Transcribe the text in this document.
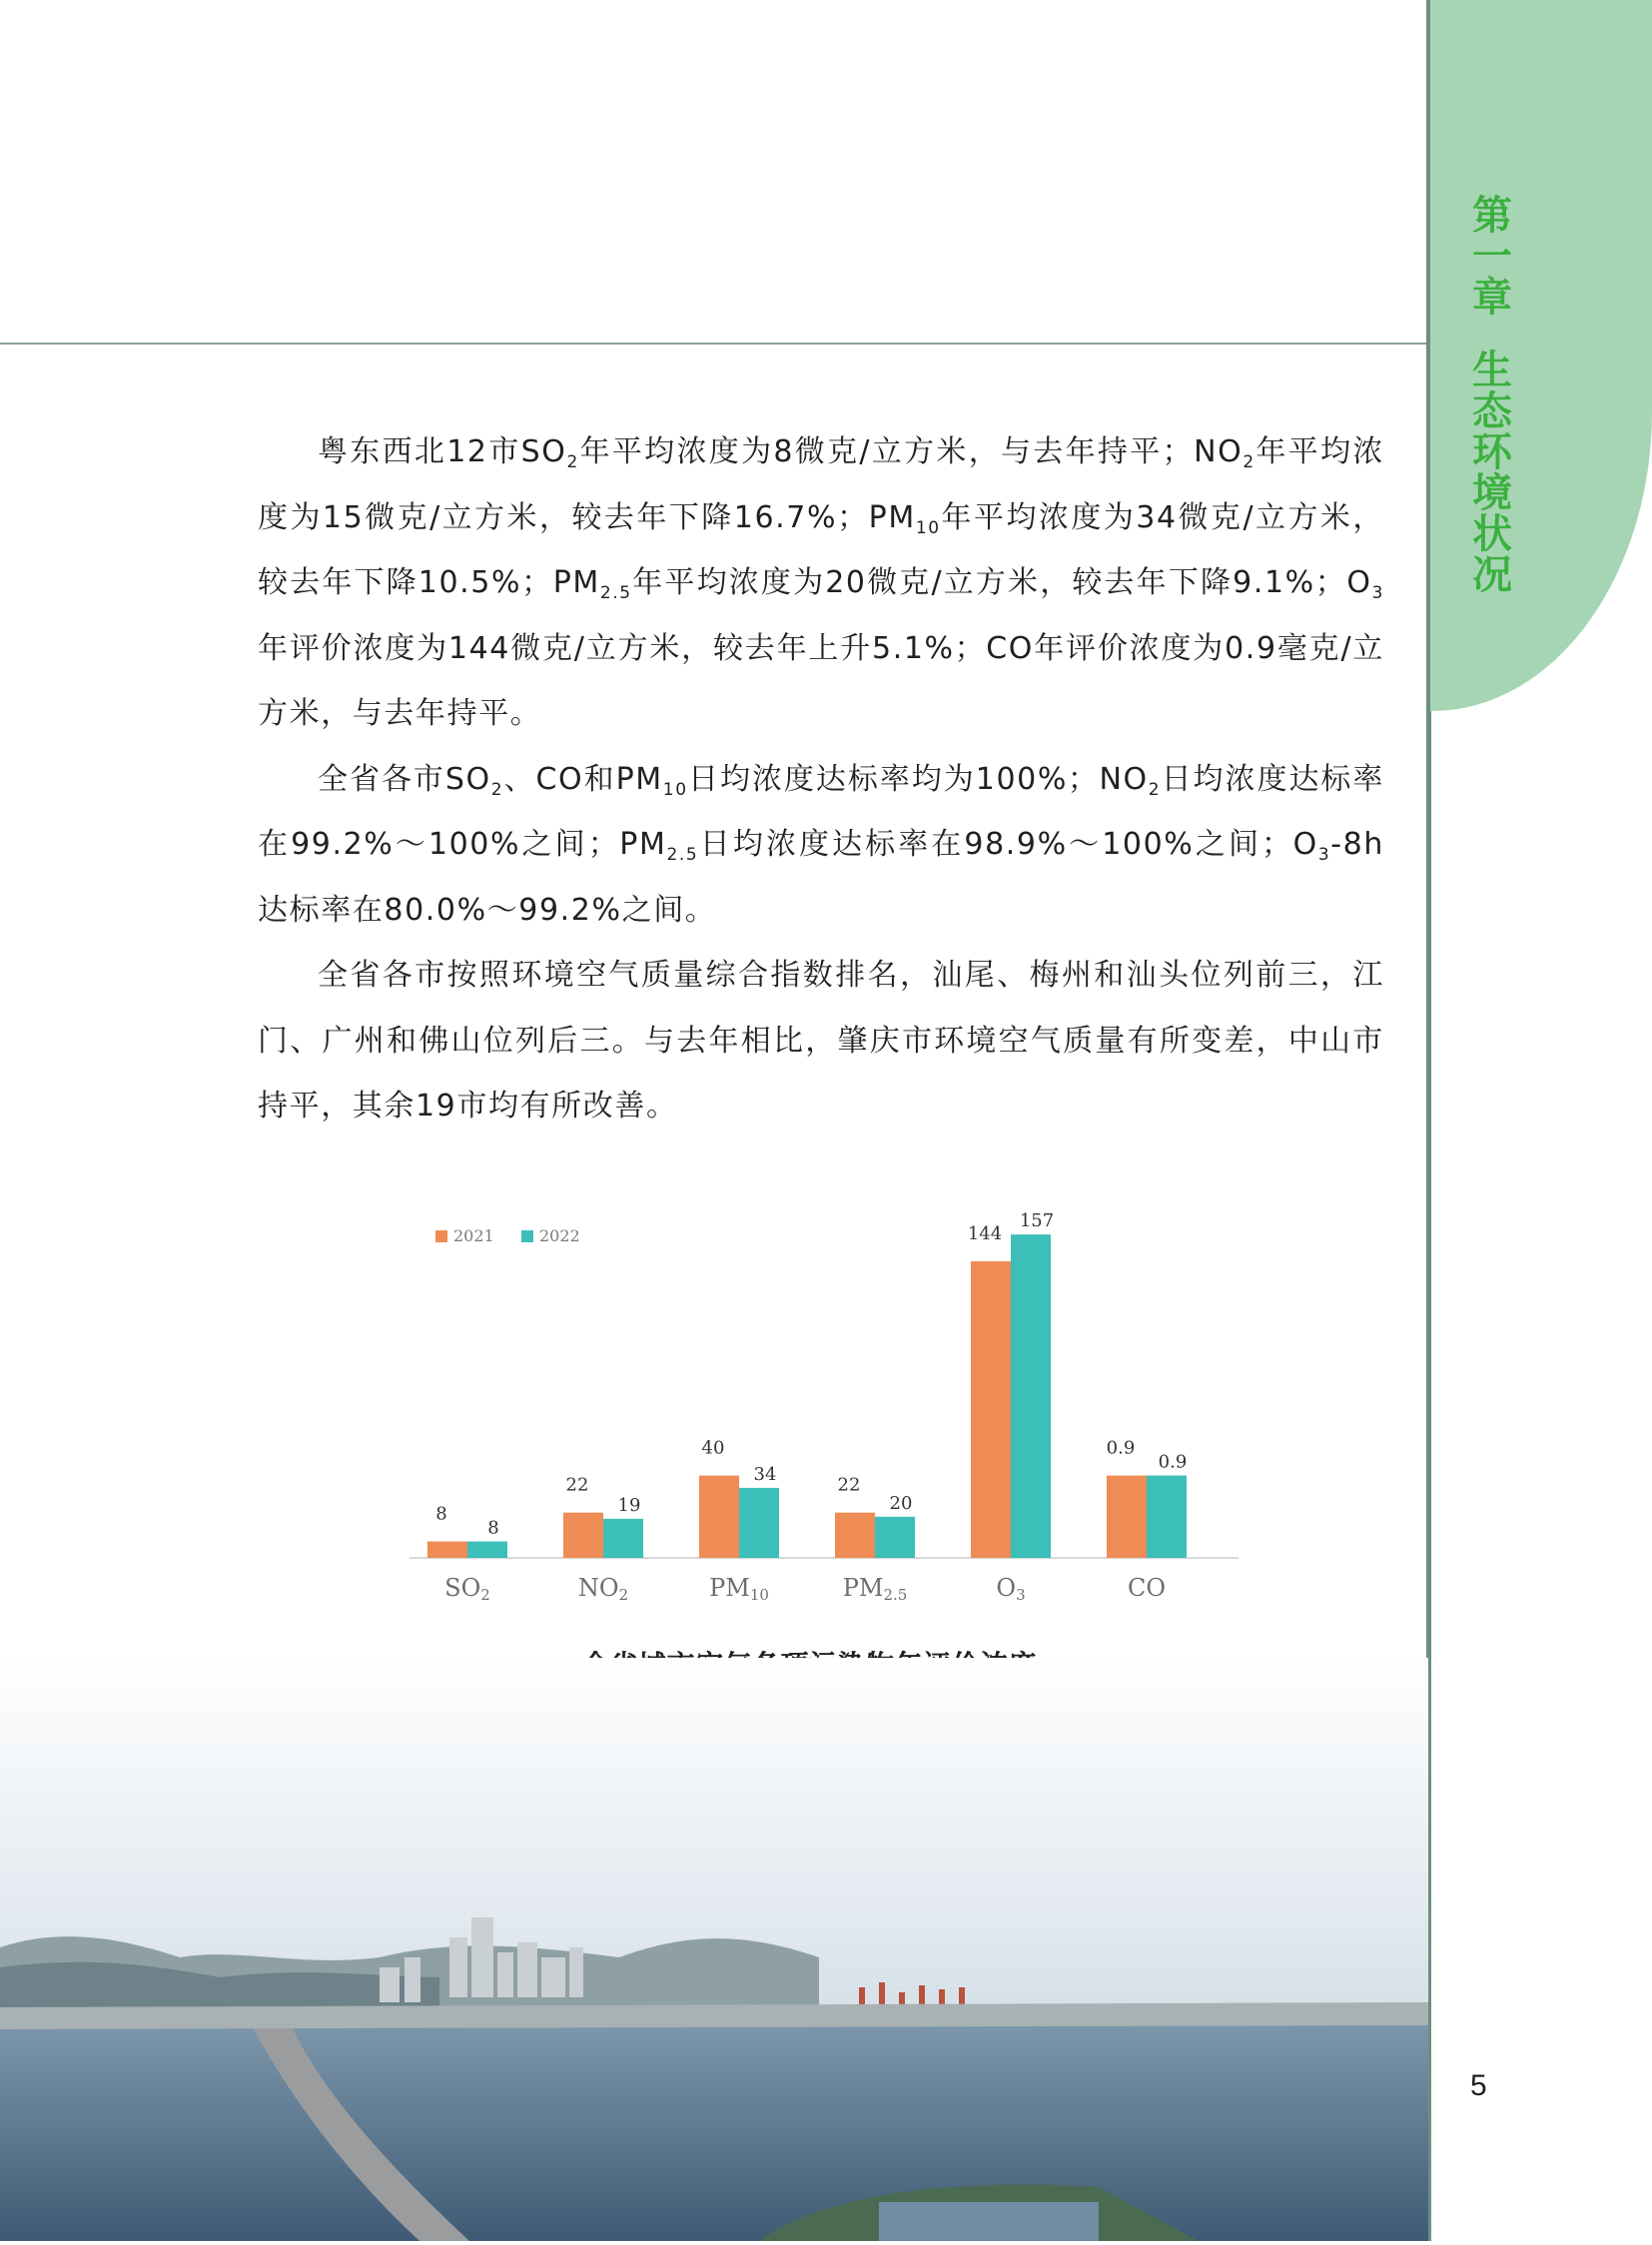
第
一
章
生
态
环
境
状
况

粤东西北12市$SO_2$年平均浓度为8微克/立方米，与去年持平；$NO_2$年平均浓度为15微克/立方米，较去年下降16.7%；$PM_{10}$年平均浓度为34微克/立方米，较去年下降10.5%；$PM_{2.5}$年平均浓度为20微克/立方米，较去年下降9.1%；$O_3$年评价浓度为144微克/立方米，较去年上升5.1%；CO年评价浓度为0.9毫克/立方米，与去年持平。

全省各市$SO_2$、CO和$PM_{10}$日均浓度达标率均为100%；$NO_2$日均浓度达标率在99.2%～100%之间；$PM_{2.5}$日均浓度达标率在98.9%～100%之间；$O_3-8h$达标率在80.0%～99.2%之间。

全省各市按照环境空气质量综合指数排名，汕尾、梅州和汕头位列前三，江门、广州和佛山位列后三。与去年相比，肇庆市环境空气质量有所变差，中山市持平，其余19市均有所改善。

2021	2022
8
8
SO2
22
19
NO2
40
34
PM10
22
20
PM2.5
144
157
O3
0.9
0.9
CO
5
